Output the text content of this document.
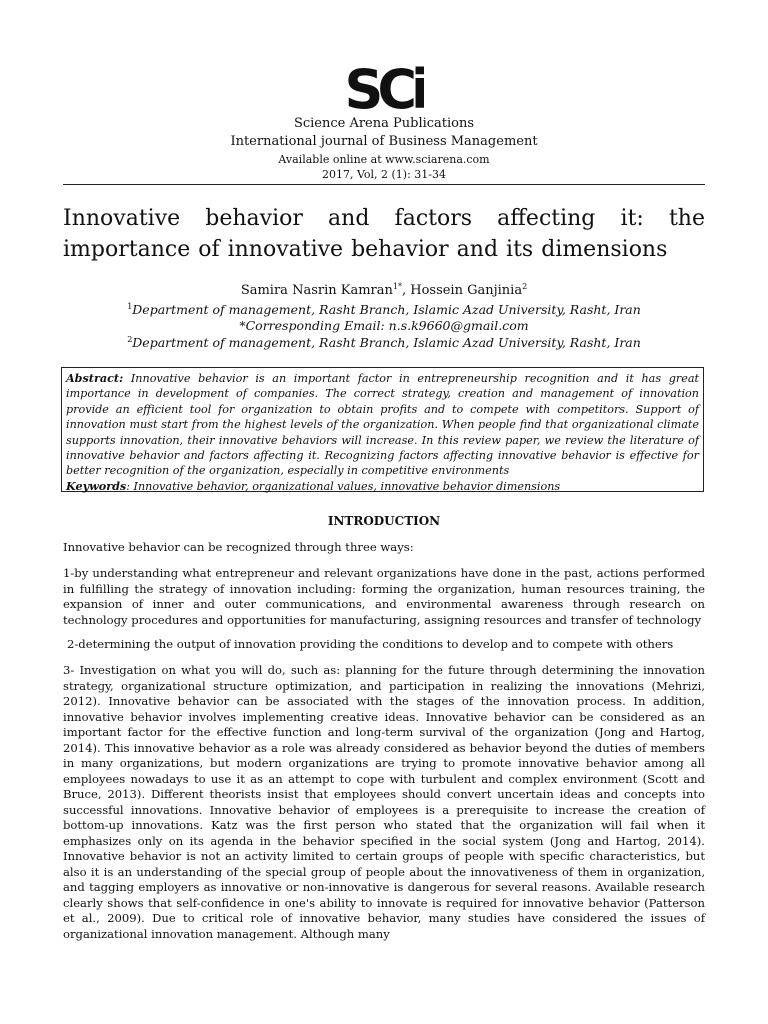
SCi
Science Arena Publications
International journal of Business Management
Available online at www.sciarena.com
2017, Vol, 2 (1): 31-34
Innovative behavior and factors affecting it: the importance of innovative behavior and its dimensions
Samira Nasrin Kamran$^{1*}$, Hossein Ganjinia$^2$
$^1$Department of management, Rasht Branch, Islamic Azad University, Rasht, Iran
*Corresponding Email: n.s.k9660@gmail.com
$^2$Department of management, Rasht Branch, Islamic Azad University, Rasht, Iran
Abstract: Innovative behavior is an important factor in entrepreneurship recognition and it has great importance in development of companies. The correct strategy, creation and management of innovation provide an efficient tool for organization to obtain profits and to compete with competitors. Support of innovation must start from the highest levels of the organization. When people find that organizational climate supports innovation, their innovative behaviors will increase. In this review paper, we review the literature of innovative behavior and factors affecting it. Recognizing factors affecting innovative behavior is effective for better recognition of the organization, especially in competitive environments
Keywords: Innovative behavior, organizational values, innovative behavior dimensions
INTRODUCTION

Innovative behavior can be recognized through three ways:

1-by understanding what entrepreneur and relevant organizations have done in the past, actions performed in fulfilling the strategy of innovation including: forming the organization, human resources training, the expansion of inner and outer communications, and environmental awareness through research on technology procedures and opportunities for manufacturing, assigning resources and transfer of technology

2-determining the output of innovation providing the conditions to develop and to compete with others

3- Investigation on what you will do, such as: planning for the future through determining the innovation strategy, organizational structure optimization, and participation in realizing the innovations (Mehrizi, 2012). Innovative behavior can be associated with the stages of the innovation process. In addition, innovative behavior involves implementing creative ideas. Innovative behavior can be considered as an important factor for the effective function and long-term survival of the organization (Jong and Hartog, 2014). This innovative behavior as a role was already considered as behavior beyond the duties of members in many organizations, but modern organizations are trying to promote innovative behavior among all employees nowadays to use it as an attempt to cope with turbulent and complex environment (Scott and Bruce, 2013). Different theorists insist that employees should convert uncertain ideas and concepts into successful innovations. Innovative behavior of employees is a prerequisite to increase the creation of bottom-up innovations. Katz was the first person who stated that the organization will fail when it emphasizes only on its agenda in the behavior specified in the social system (Jong and Hartog, 2014). Innovative behavior is not an activity limited to certain groups of people with specific characteristics, but also it is an understanding of the special group of people about the innovativeness of them in organization, and tagging employers as innovative or non-innovative is dangerous for several reasons. Available research clearly shows that self-confidence in one's ability to innovate is required for innovative behavior (Patterson et al., 2009). Due to critical role of innovative behavior, many studies have considered the issues of organizational innovation management. Although many
